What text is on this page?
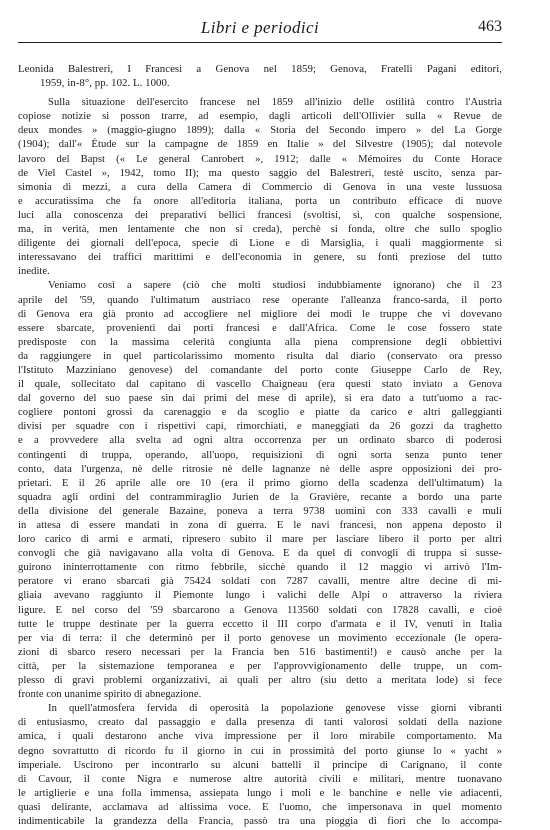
Libri e periodici	463
Leonida Balestreri, I Francesi a Genova nel 1859; Genova, Fratelli Pagani editori,
1959, in-8°, pp. 102. L. 1000.
Sulla situazione dell'esercito francese nel 1859 all'inizio delle ostilità contro l'Austria
copiose notizie si posson trarre, ad esempio, dagli articoli dell'Ollivier sulla « Revue de
deux mondes » (maggio-giugno 1899); dalla « Storia del Secondo impero » del La Gorge
(1904); dall'« Étude sur la campagne de 1859 en Italie » del Silvestre (1905); dal notevole
lavoro del Bapst (« Le general Canrobert », 1912; dalle « Mémoires du Conte Horace
de Viel Castel », 1942, tomo II); ma questo saggio del Balestreri, testè uscito, senza par-
simonia di mezzi, a cura della Camera di Commercio di Genova in una veste lussuosa
e accuratissima che fa onore all'editoria italiana, porta un contributo efficace di nuove
luci alla conoscenza dei preparativi bellici francesi (svoltisi, sì, con qualche sospensione,
ma, in verità, men lentamente che non si creda), perchè si fonda, oltre che sullo spoglio
diligente dei giornali dell'epoca, specie di Lione e di Marsiglia, i quali maggiormente si
interessavano dei traffici marittimi e dell'economia in genere, su fonti preziose del tutto
inedite.
Veniamo così a sapere (ciò che molti studiosi indubbiamente ignorano) che il 23
aprile del '59, quando l'ultimatum austriaco rese operante l'alleanza franco-sarda, il porto
di Genova era già pronto ad accogliere nel migliore dei modi le truppe che vi dovevano
essere sbarcate, provenienti dai porti francesi e dall'Africa. Come le cose fossero state
predisposte con la massima celerità congiunta alla piena comprensione degli obbiettivi
da raggiungere in quel particolarissimo momento risulta dal diario (conservato ora presso
l'Istituto Mazziniano genovese) del comandante del porto conte Giuseppe Carlo de Rey,
il quale, sollecitato dal capitano di vascello Chaigneau (era questi stato inviato a Genova
dal governo del suo paese sin dai primi del mese di aprile), si era dato a tutt'uomo a rac-
cogliere pontoni grossi da carenaggio e da scoglio e piatte da carico e altri galleggianti
divisi per squadre con i rispettivi capi, rimorchiati, e maneggiati da 26 gozzi da traghetto
e a provvedere alla svelta ad ogni altra occorrenza per un ordinato sbarco di poderosi
contingenti di truppa, operando, all'uopo, requisizioni di ogni sorta senza punto tener
conto, data l'urgenza, nè delle ritrosie nè delle lagnanze nè delle aspre opposizioni dei pro-
prietari. E il 26 aprile alle ore 10 (era il primo giorno della scadenza dell'ultimatum) la
squadra agli ordini del contrammiraglio Jurien de la Gravière, recante a bordo una parte
della divisione del generale Bazaine, poneva a terra 9738 uomini con 333 cavalli e muli
in attesa di essere mandati in zona di guerra. E le navi francesi, non appena deposto il
loro carico di armi e armati, ripresero subito il mare per lasciare libero il porto per altri
convogli che già navigavano alla volta di Genova. E da quel dì convogli di truppa si susse-
guirono ininterrottamente con ritmo febbrile, sicchè quando il 12 maggio vi arrivò l'Im-
peratore vi erano sbarcati già 75424 soldati con 7287 cavalli, mentre altre decine di mi-
gliaia avevano raggiunto il Piemonte lungo i valichi delle Alpi o attraverso la riviera
ligure. E nel corso del '59 sbarcarono a Genova 113560 soldati con 17828 cavalli, e cioè
tutte le truppe destinate per la guerra eccetto il III corpo d'armata e il IV, venuti in Italia
per via di terra: il che determinò per il porto genovese un movimento eccezionale (le opera-
zioni di sbarco resero necessari per la Francia ben 516 bastimenti!) e causò anche per la
città, per la sistemazione temporanea e per l'approvvigionamento delle truppe, un com-
plesso di gravi problemi organizzativi, ai quali per altro (siu detto a meritata lode) si fece
fronte con unanime spirito di abnegazione.
In quell'atmosfera fervida di operosità la popolazione genovese visse giorni vibranti
di entusiasmo, creato dal passaggio e dalla presenza di tanti valorosi soldati della nazione
amica, i quali destarono anche viva impressione per il loro mirabile comportamento. Ma
degno sovrattutto di ricordo fu il giorno in cui in prossimità del porto giunse lo « yacht »
imperiale. Uscirono per incontrarlo su alcuni battelli il principe di Carignano, il conte
di Cavour, il conte Nigra e numerose altre autorità civili e militari, mentre tuonavano
le artiglierie e una folla immensa, assiepata lungo i moli e le banchine e nelle vie adiacenti,
quasi delirante, acclamava ad altissima voce. E l'uomo, che impersonava in quel momento
indimenticabile la grandezza della Francia, passò tra una pioggia di fiori che lo accompa-
